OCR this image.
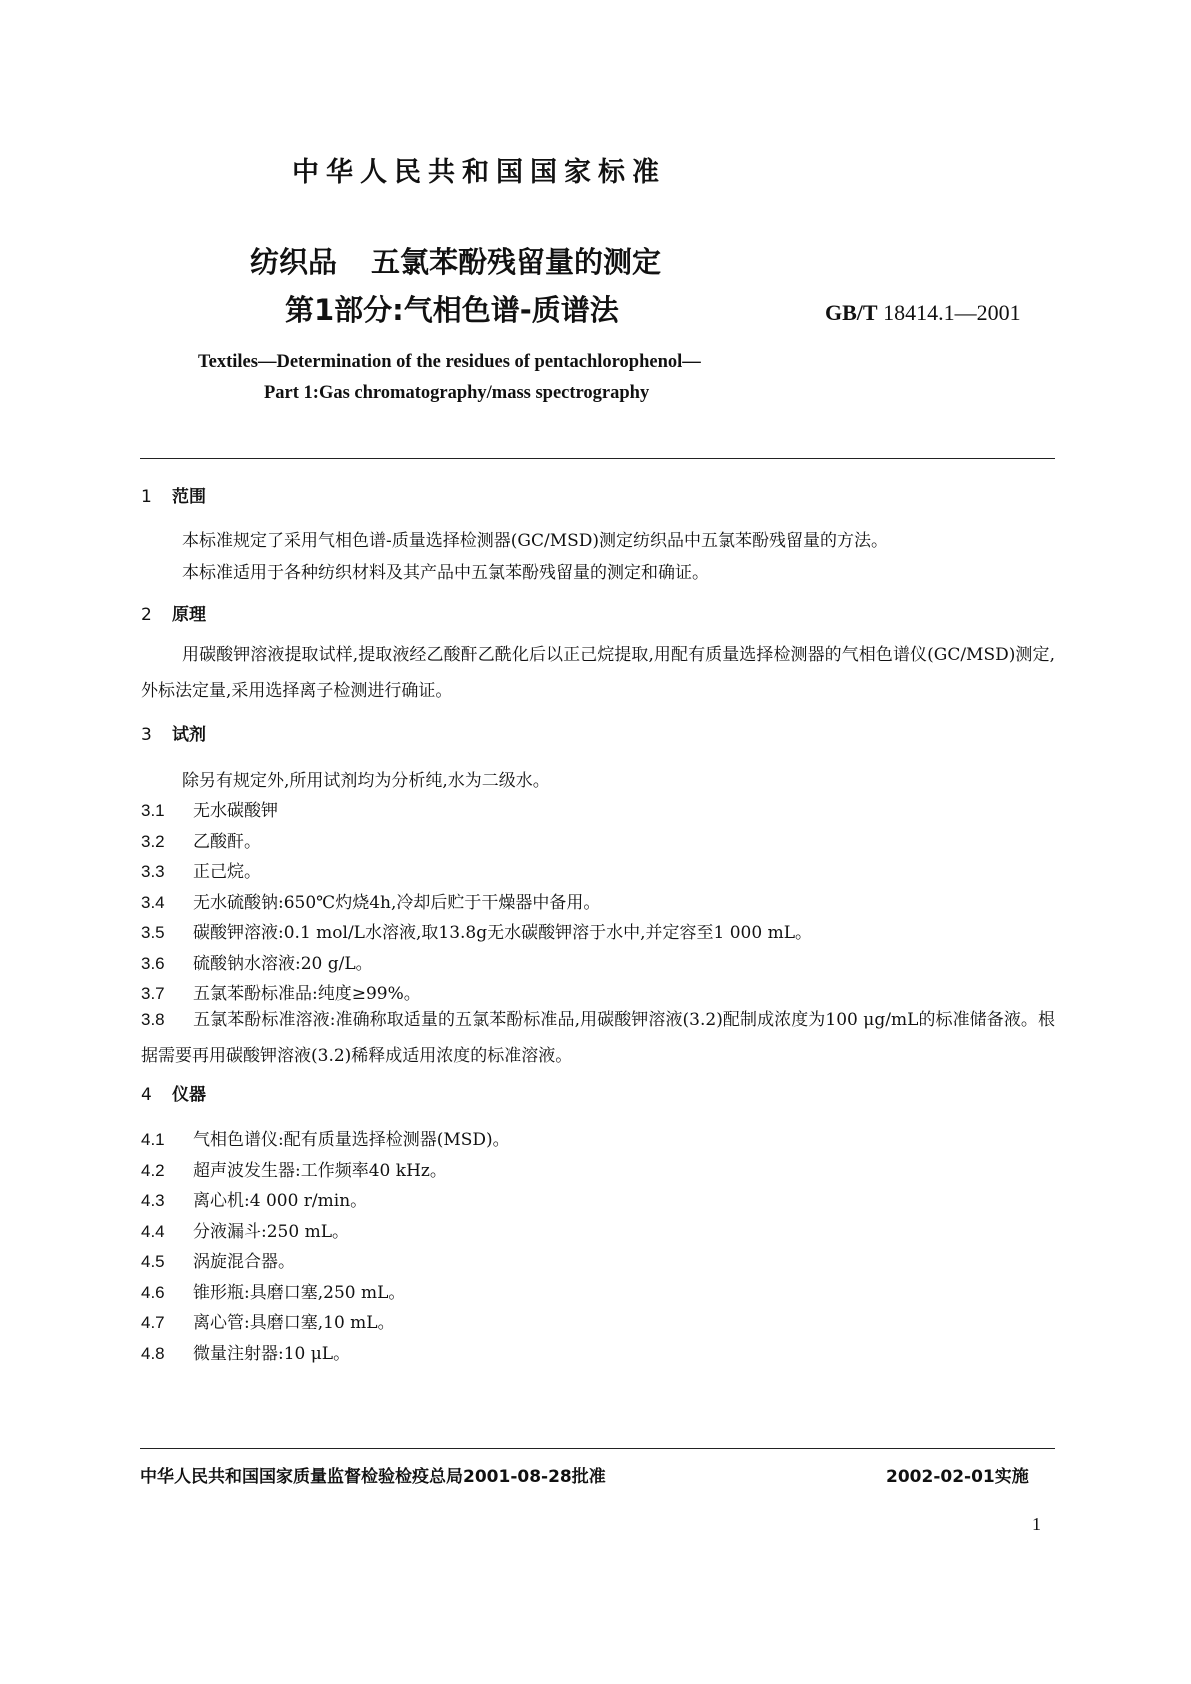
中华人民共和国国家标准
纺织品 五氯苯酚残留量的测定
第1部分:气相色谱-质谱法	GB/T 18414.1—2001
Textiles—Determination of the residues of pentachlorophenol—
Part 1:Gas chromatography/mass spectrography
1 范围
本标准规定了采用气相色谱-质量选择检测器(GC/MSD)测定纺织品中五氯苯酚残留量的方法。
本标准适用于各种纺织材料及其产品中五氯苯酚残留量的测定和确证。
2 原理
用碳酸钾溶液提取试样,提取液经乙酸酐乙酰化后以正己烷提取,用配有质量选择检测器的气相色谱仪(GC/MSD)测定,外标法定量,采用选择离子检测进行确证。
3 试剂
除另有规定外,所用试剂均为分析纯,水为二级水。
3.1 无水碳酸钾
3.2 乙酸酐。
3.3 正己烷。
3.4 无水硫酸钠:650℃灼烧4h,冷却后贮于干燥器中备用。
3.5 碳酸钾溶液:0.1 mol/L水溶液,取13.8g无水碳酸钾溶于水中,并定容至1 000 mL。
3.6 硫酸钠水溶液:20 g/L。
3.7 五氯苯酚标准品:纯度≥99%。
3.8 五氯苯酚标准溶液:准确称取适量的五氯苯酚标准品,用碳酸钾溶液(3.2)配制成浓度为100 μg/mL的标准储备液。根据需要再用碳酸钾溶液(3.2)稀释成适用浓度的标准溶液。
4 仪器
4.1 气相色谱仪:配有质量选择检测器(MSD)。
4.2 超声波发生器:工作频率40 kHz。
4.3 离心机:4 000 r/min。
4.4 分液漏斗:250 mL。
4.5 涡旋混合器。
4.6 锥形瓶:具磨口塞,250 mL。
4.7 离心管:具磨口塞,10 mL。
4.8 微量注射器:10 μL。
中华人民共和国国家质量监督检验检疫总局2001-08-28批准	2002-02-01实施
1
